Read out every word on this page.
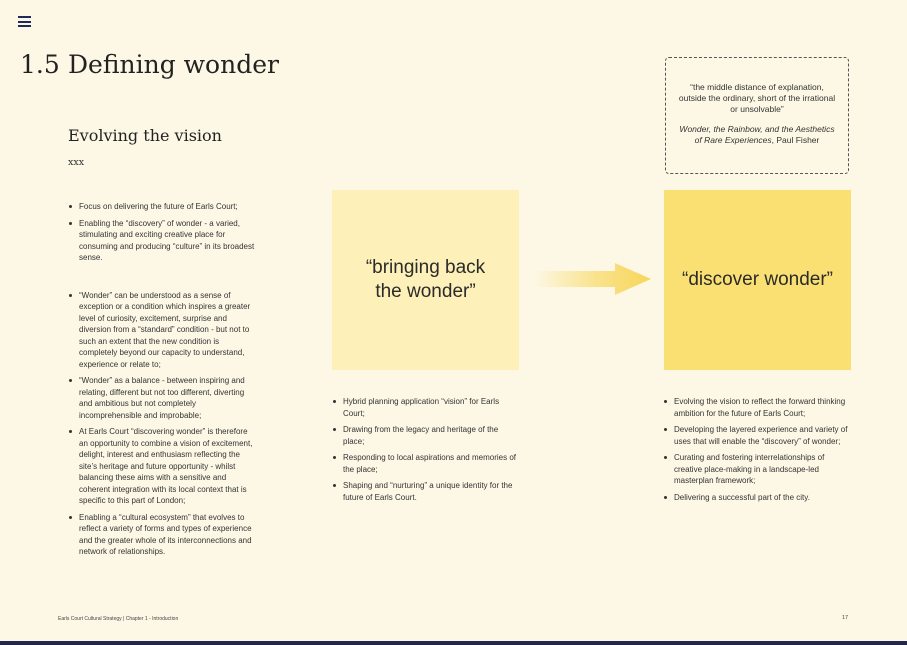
1.5 Defining wonder
Evolving the vision
xxx
Focus on delivering the future of Earls Court;
Enabling the “discovery” of wonder - a varied, stimulating and exciting creative place for consuming and producing “culture” in its broadest sense.
“Wonder” can be understood as a sense of exception or a condition which inspires a greater level of curiosity, excitement, surprise and diversion from a “standard” condition - but not to such an extent that the new condition is completely beyond our capacity to understand, experience or relate to;
“Wonder” as a balance - between inspiring and relating, different but not too different, diverting and ambitious but not completely incomprehensible and improbable;
At Earls Court “discovering wonder” is therefore an opportunity to combine a vision of excitement, delight, interest and enthusiasm reflecting the site’s heritage and future opportunity - whilst balancing these aims with a sensitive and coherent integration with its local context that is specific to this part of London;
Enabling a “cultural ecosystem” that evolves to reflect a variety of forms and types of experience and the greater whole of its interconnections and network of relationships.
“bringing back the wonder”
“discover wonder”
“the middle distance of explanation, outside the ordinary, short of the irrational or unsolvable”
Wonder, the Rainbow, and the Aesthetics of Rare Experiences, Paul Fisher
Hybrid planning application “vision” for Earls Court;
Drawing from the legacy and heritage of the place;
Responding to local aspirations and memories of the place;
Shaping and “nurturing” a unique identity for the future of Earls Court.
Evolving the vision to reflect the forward thinking ambition for the future of Earls Court;
Developing the layered experience and variety of uses that will enable the “discovery” of wonder;
Curating and fostering interrelationships of creative place-making in a landscape-led masterplan framework;
Delivering a successful part of the city.
Earls Court Cultural Strategy | Chapter 1 - Introduction	17
